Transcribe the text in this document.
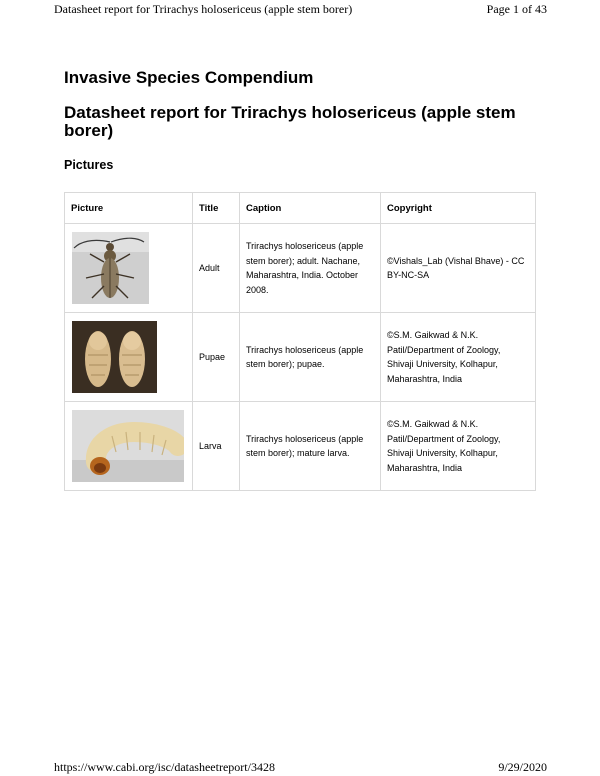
Datasheet report for Trirachys holosericeus (apple stem borer)	Page 1 of 43
Invasive Species Compendium
Datasheet report for Trirachys holosericeus (apple stem borer)
Pictures
Picture	Title	Caption	Copyright

	Adult	Trirachys holosericeus (apple stem borer); adult. Nachane, Maharashtra, India. October 2008.	©Vishals_Lab (Vishal Bhave) - CC BY-NC-SA

	Pupae	Trirachys holosericeus (apple stem borer); pupae.	©S.M. Gaikwad & N.K. Patil/Department of Zoology, Shivaji University, Kolhapur, Maharashtra, India

	Larva	Trirachys holosericeus (apple stem borer); mature larva.	©S.M. Gaikwad & N.K. Patil/Department of Zoology, Shivaji University, Kolhapur, Maharashtra, India
https://www.cabi.org/isc/datasheetreport/3428	9/29/2020
